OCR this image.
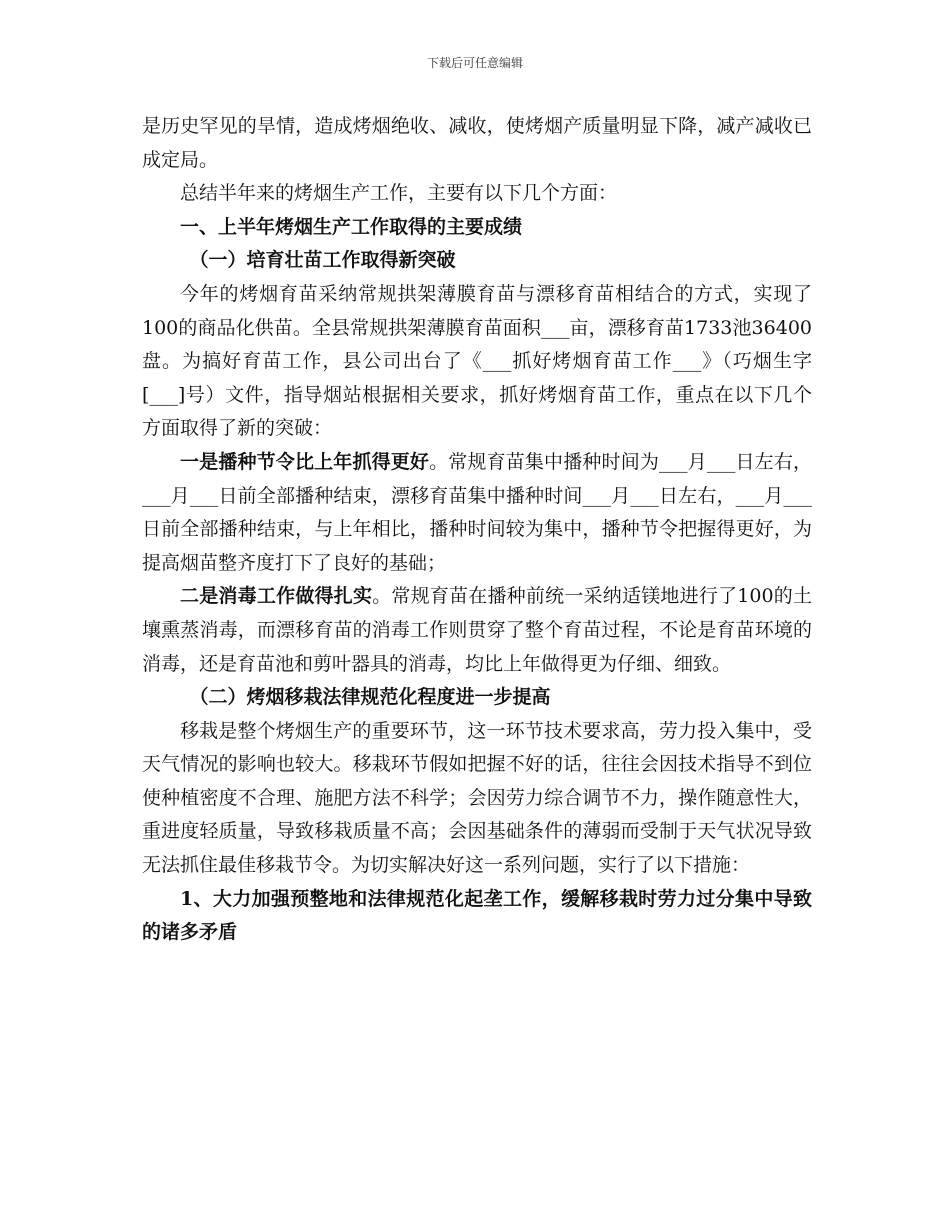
下载后可任意编辑

是历史罕见的旱情，造成烤烟绝收、减收，使烤烟产质量明显下降，减产减收已成定局。

总结半年来的烤烟生产工作，主要有以下几个方面：

一、上半年烤烟生产工作取得的主要成绩

（一）培育壮苗工作取得新突破

今年的烤烟育苗采纳常规拱架薄膜育苗与漂移育苗相结合的方式，实现了100的商品化供苗。全县常规拱架薄膜育苗面积___亩，漂移育苗1733池36400盘。为搞好育苗工作，县公司出台了《___抓好烤烟育苗工作___》（巧烟生字[___]号）文件，指导烟站根据相关要求，抓好烤烟育苗工作，重点在以下几个方面取得了新的突破：

一是播种节令比上年抓得更好。常规育苗集中播种时间为___月___日左右，___月___日前全部播种结束，漂移育苗集中播种时间___月___日左右，___月___日前全部播种结束，与上年相比，播种时间较为集中，播种节令把握得更好，为提高烟苗整齐度打下了良好的基础；

二是消毒工作做得扎实。常规育苗在播种前统一采纳适镁地进行了100的土壤熏蒸消毒，而漂移育苗的消毒工作则贯穿了整个育苗过程，不论是育苗环境的消毒，还是育苗池和剪叶器具的消毒，均比上年做得更为仔细、细致。

（二）烤烟移栽法律规范化程度进一步提高

移栽是整个烤烟生产的重要环节，这一环节技术要求高，劳力投入集中，受天气情况的影响也较大。移栽环节假如把握不好的话，往往会因技术指导不到位使种植密度不合理、施肥方法不科学；会因劳力综合调节不力，操作随意性大，重进度轻质量，导致移栽质量不高；会因基础条件的薄弱而受制于天气状况导致无法抓住最佳移栽节令。为切实解决好这一系列问题，实行了以下措施：

1、大力加强预整地和法律规范化起垄工作，缓解移栽时劳力过分集中导致的诸多矛盾
